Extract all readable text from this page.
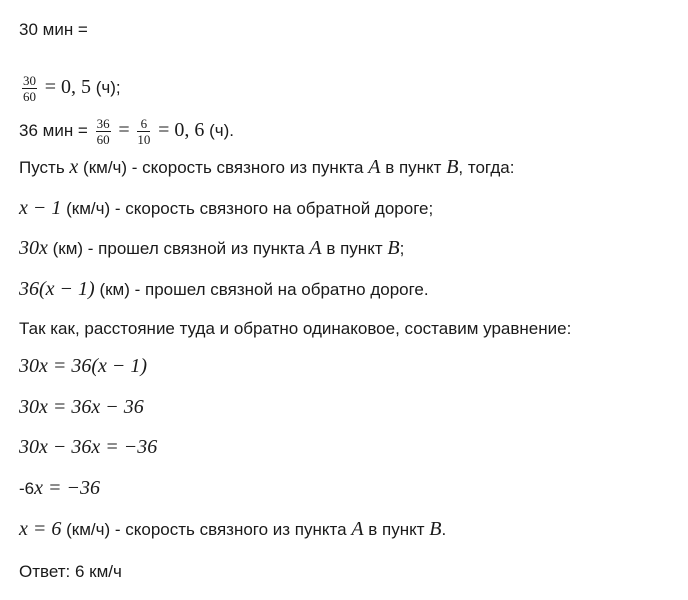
30 мин =
$\frac{30}{60} = 0$, 5 (ч);
36 мин = $\frac{36}{60} = \frac{6}{10} = 0$, 6 (ч).
Пусть x (км/ч) - скорость связного из пункта A в пункт B, тогда:
x − 1 (км/ч) - скорость связного на обратной дороге;
30x (км) - прошел связной из пункта A в пункт B;
36(x − 1) (км) - прошел связной на обратно дороге.
Так как, расстояние туда и обратно одинаковое, составим уравнение:
30x = 36(x − 1)
30x = 36x − 36
30x − 36x = −36
-6x = −36
x = 6 (км/ч) - скорость связного из пункта A в пункт B.
Ответ: 6 км/ч
